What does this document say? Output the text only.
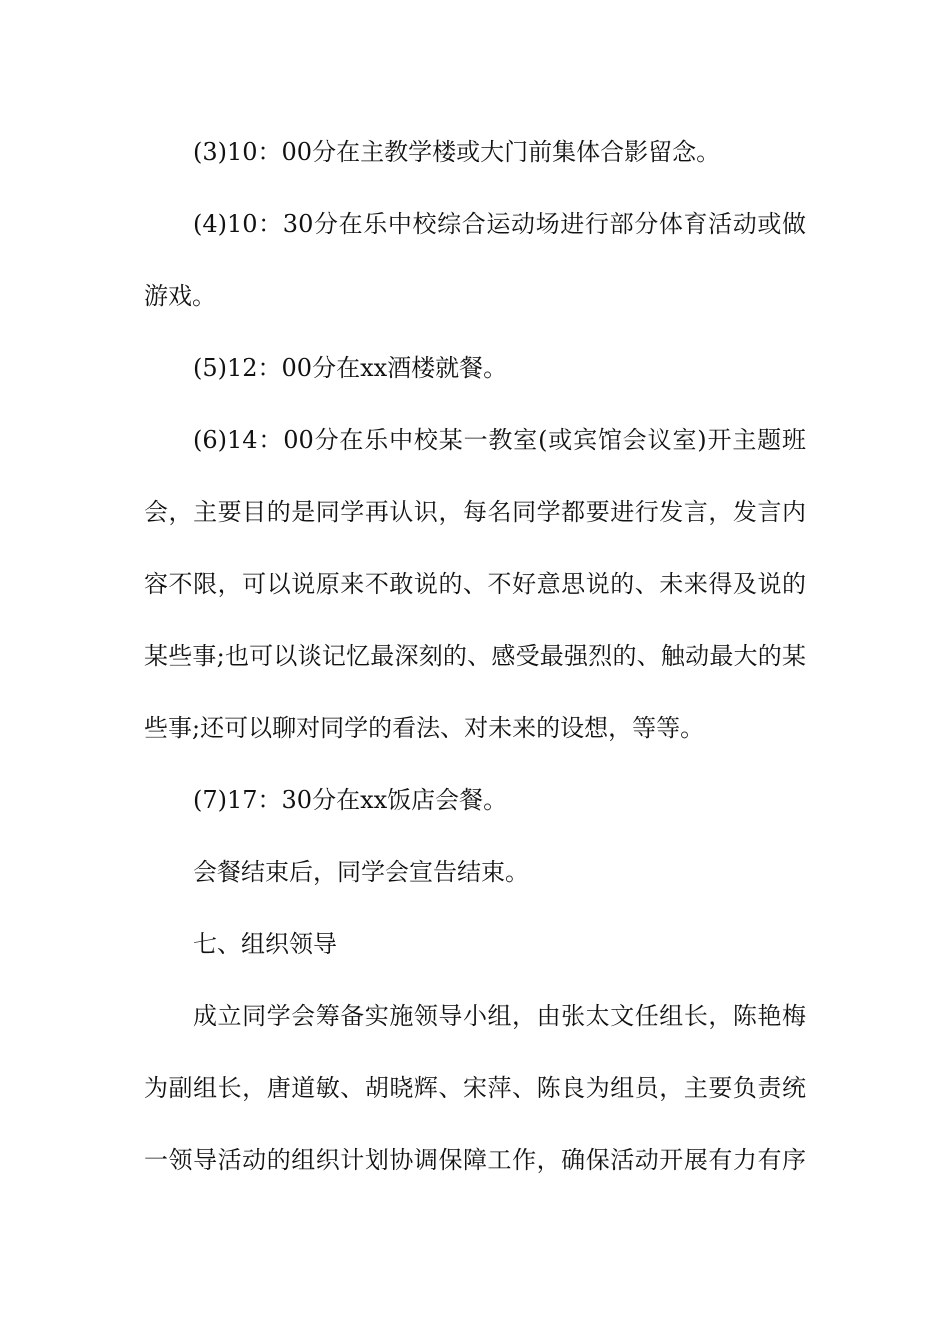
(3)10：00分在主教学楼或大门前集体合影留念。
(4)10：30分在乐中校综合运动场进行部分体育活动或做
游戏。
(5)12：00分在xx酒楼就餐。
(6)14：00分在乐中校某一教室(或宾馆会议室)开主题班
会，主要目的是同学再认识，每名同学都要进行发言，发言内
容不限，可以说原来不敢说的、不好意思说的、未来得及说的
某些事;也可以谈记忆最深刻的、感受最强烈的、触动最大的某
些事;还可以聊对同学的看法、对未来的设想，等等。
(7)17：30分在xx饭店会餐。
会餐结束后，同学会宣告结束。
七、组织领导
成立同学会筹备实施领导小组，由张太文任组长，陈艳梅
为副组长，唐道敏、胡晓辉、宋萍、陈良为组员，主要负责统
一领导活动的组织计划协调保障工作，确保活动开展有力有序
